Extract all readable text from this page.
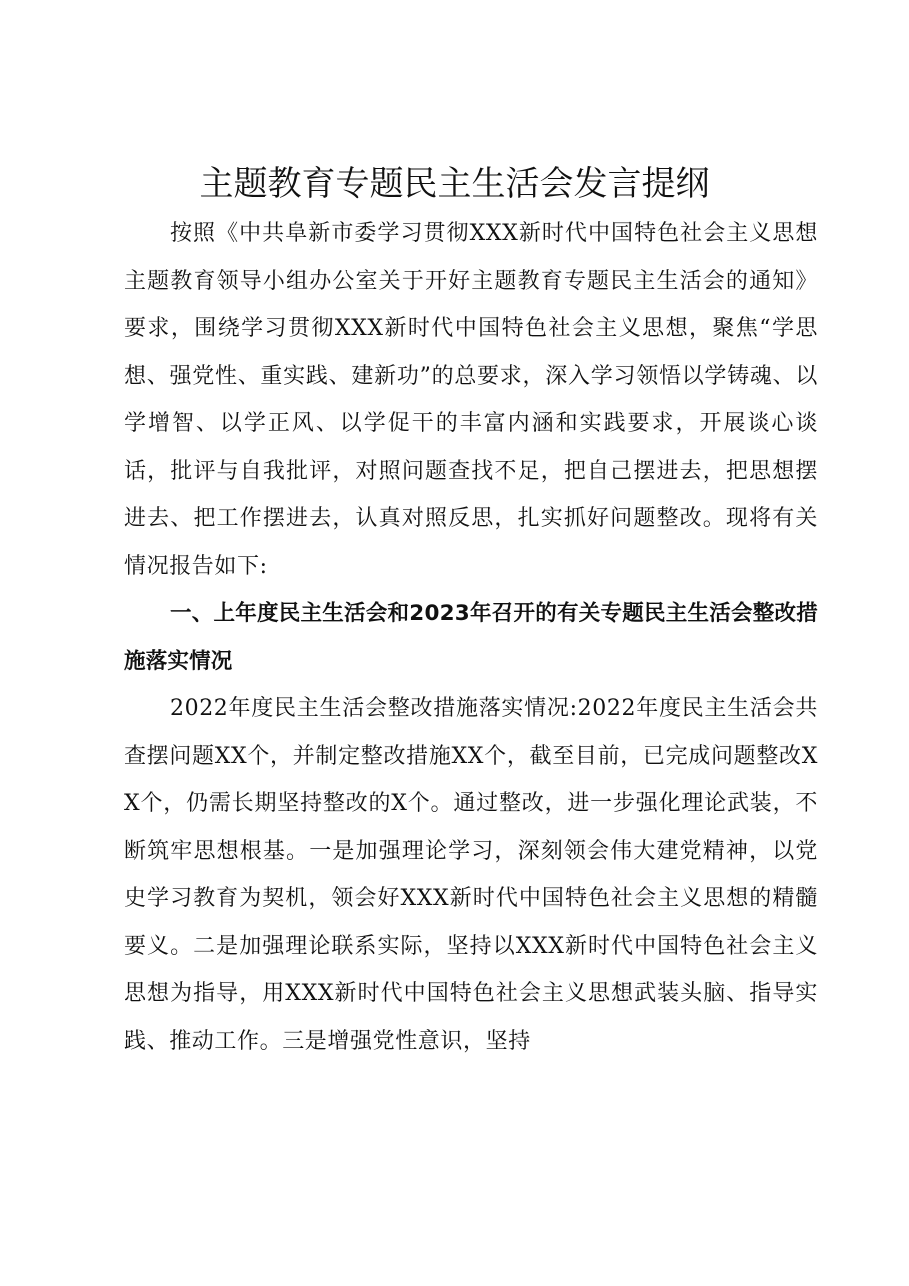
主题教育专题民主生活会发言提纲

按照《中共阜新市委学习贯彻XXX新时代中国特色社会主义思想主题教育领导小组办公室关于开好主题教育专题民主生活会的通知》要求，围绕学习贯彻XXX新时代中国特色社会主义思想，聚焦“学思想、强党性、重实践、建新功”的总要求，深入学习领悟以学铸魂、以学增智、以学正风、以学促干的丰富内涵和实践要求，开展谈心谈话，批评与自我批评，对照问题查找不足，把自己摆进去，把思想摆进去、把工作摆进去，认真对照反思，扎实抓好问题整改。现将有关情况报告如下:

一、上年度民主生活会和2023年召开的有关专题民主生活会整改措施落实情况

2022年度民主生活会整改措施落实情况:2022年度民主生活会共查摆问题XX个，并制定整改措施XX个，截至目前，已完成问题整改XX个，仍需长期坚持整改的X个。通过整改，进一步强化理论武装，不断筑牢思想根基。一是加强理论学习，深刻领会伟大建党精神，以党史学习教育为契机，领会好XXX新时代中国特色社会主义思想的精髓要义。二是加强理论联系实际，坚持以XXX新时代中国特色社会主义思想为指导，用XXX新时代中国特色社会主义思想武装头脑、指导实践、推动工作。三是增强党性意识，坚持
